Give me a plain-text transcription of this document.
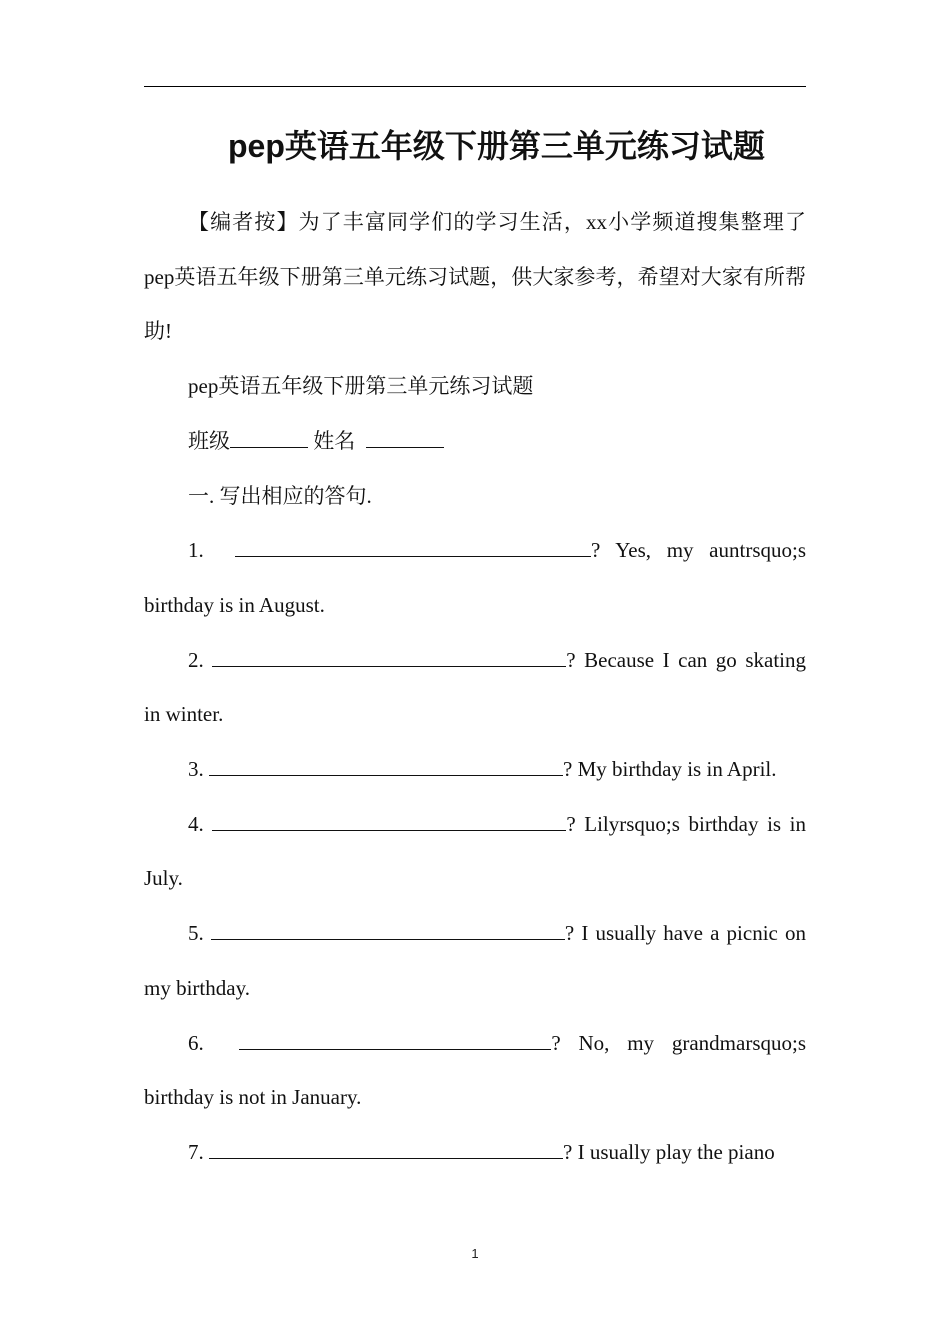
pep英语五年级下册第三单元练习试题

【编者按】为了丰富同学们的学习生活，xx小学频道搜集整理了pep英语五年级下册第三单元练习试题，供大家参考，希望对大家有所帮助!

pep英语五年级下册第三单元练习试题

班级	姓名

一. 写出相应的答句.

1.	? Yes, my auntrsquo;s birthday is in August.

2.	? Because I can go skating in winter.

3.	? My birthday is in April.

4.	? Lilyrsquo;s birthday is in July.

5.	? I usually have a picnic on my birthday.

6.	? No, my grandmarsquo;s birthday is not in January.

7.	? I usually play the piano

1
